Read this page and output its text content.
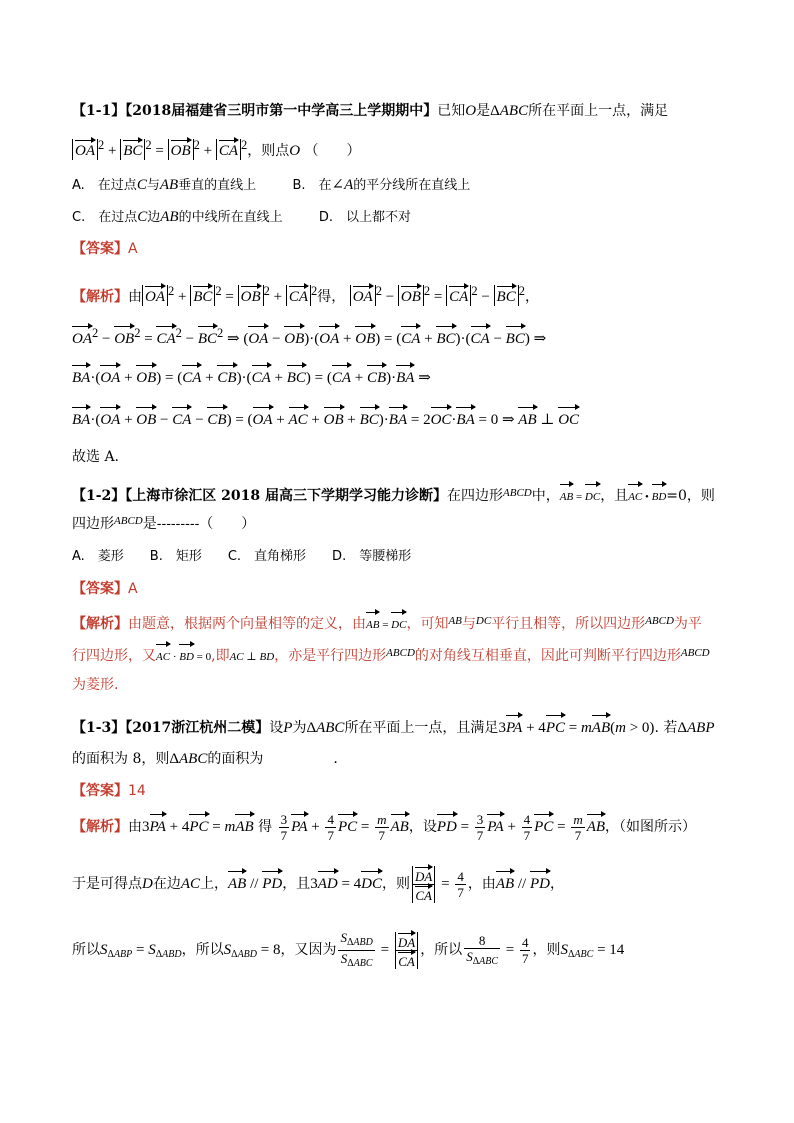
【1-1】【2018届福建省三明市第一中学高三上学期期中】已知O是ΔABC所在平面上一点，满足
OA $^2$ + BC $^2$ = OB $^2$ + CA $^2$，则点O （　　）
A.　在过点C与AB垂直的直线上	B.　在∠A的平分线所在直线上
C.　在过点C边AB的中线所在直线上	D.　以上都不对
【答案】A
【解析】由 OA $^2$ + BC $^2$ = OB $^2$ + CA $^2$得， OA $^2$ − OB $^2$ = CA $^2$ − BC $^2$，
$OA^2 - OB^2 = CA^2 - BC^2$ ⇒ (OA − OB)·(OA + OB) = (CA + BC)·(CA − BC) ⇒
BA·(OA + OB) = (CA + CB)·(CA + BC) = (CA + CB)·BA ⇒
BA·(OA + OB − CA − CB) = (OA + AC + OB + BC)·BA = 2OC·BA = 0 ⇒ AB ⊥ OC
故选 A.
【1-2】【上海市徐汇区 2018 届高三下学期学习能力诊断】在四边形$^{ABCD}$中，AB = DC，且AC • BD=0，则
四边形$^{ABCD}$是---------（　　）
A.　菱形　　B.　矩形　　C.　直角梯形　　D.　等腰梯形
【答案】A
【解析】由题意，根据两个向量相等的定义，由AB = DC，可知$^{AB}$与$^{DC}$平行且相等，所以四边形$^{ABCD}$为平
行四边形，又AC · BD = 0,即AC ⊥ BD，亦是平行四边形$^{ABCD}$的对角线互相垂直，因此可判断平行四边形$^{ABCD}$
为菱形.
【1-3】【2017浙江杭州二模】设P为ΔABC所在平面上一点，且满足3PA + 4PC = mAB(m > 0). 若ΔABP
的面积为 8，则ΔABC的面积为	.
【答案】14
【解析】由3PA + 4PC = mAB 得 $\frac{3}{7}$ PA + $\frac{4}{7}$ PC = $\frac{m}{7}$ AB，设PD = $\frac{3}{7}$ PA + $\frac{4}{7}$ PC = $\frac{m}{7}$ AB，（如图所示）
于是可得点D在边AC上，AB // PD，且3AD = 4DC，则 $\frac{DA}{CA} = \frac{4}{7}$ ，由AB // PD，
所以$S_{\Delta ABP} = S_{\Delta ABD}$，所以$S_{\Delta ABD} = 8$，又因为 $\frac{S_{\Delta ABD}}{S_{\Delta ABC}} = \frac{DA}{CA}$ ，所以 $\frac{8}{S_{\Delta ABC}} = \frac{4}{7}$ ，则$S_{\Delta ABC} = 14$
